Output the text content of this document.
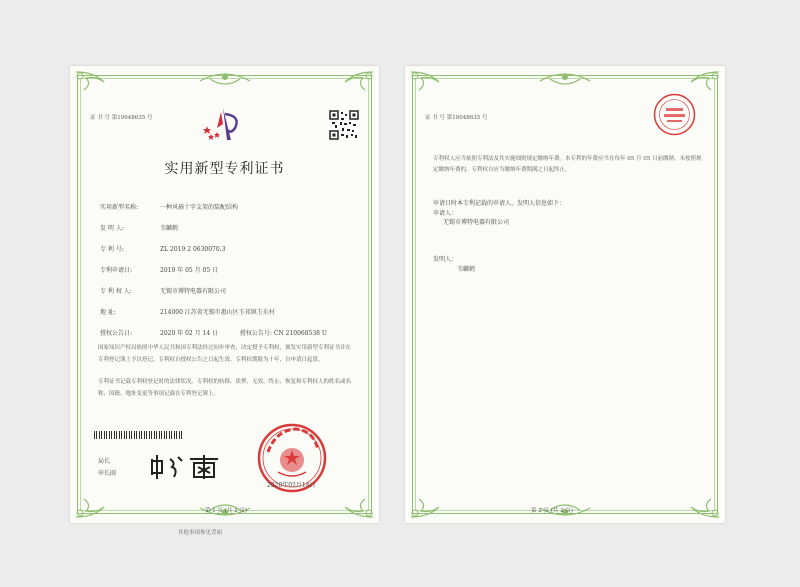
证 书 号 第10048635 号
实用新型专利证书
实用新型名称:	一种风扇十字支架的装配结构
发 明 人:	韦麟鹤
专 利 号:	ZL 2019 2 0630070.3
专利申请日:	2019 年 05 月 05 日
专 利 权 人:	无锡市博特电器有限公司
地 址:	214000 江苏省无锡市惠山区玉祁镇玉东村
授权公告日:	2020 年 02 月 14 日	授权公告号: CN 210068538 U
国家知识产权局依照中华人民共和国专利法经过初步审查，决定授予专利权，颁发实用新型专利证书并在专利登记簿上予以登记。专利权自授权公告之日起生效。专利权期限为十年，自申请日起算。
专利证书记载专利权登记时的法律状况。专利权的转移、质押、无效、终止、恢复和专利权人的姓名或名称、国籍、地址变更等事项记载在专利登记簿上。
局长
申长雨
2020年02月14日
第 1 页 (共 2 页)
证 书 号 第10048635 号
专利权人应当依照专利法及其实施细则规定缴纳年费。本专利的年费应当在每年 05 月 05 日前缴纳。未按照规定缴纳年费的，专利权自应当缴纳年费期满之日起终止。
申请日时本专利记载的申请人、发明人信息如下：
申请人：
无锡市博特电器有限公司
发明人：
韦麟鹤
第 2 页 (共 2 页)
其他事项参见背面
